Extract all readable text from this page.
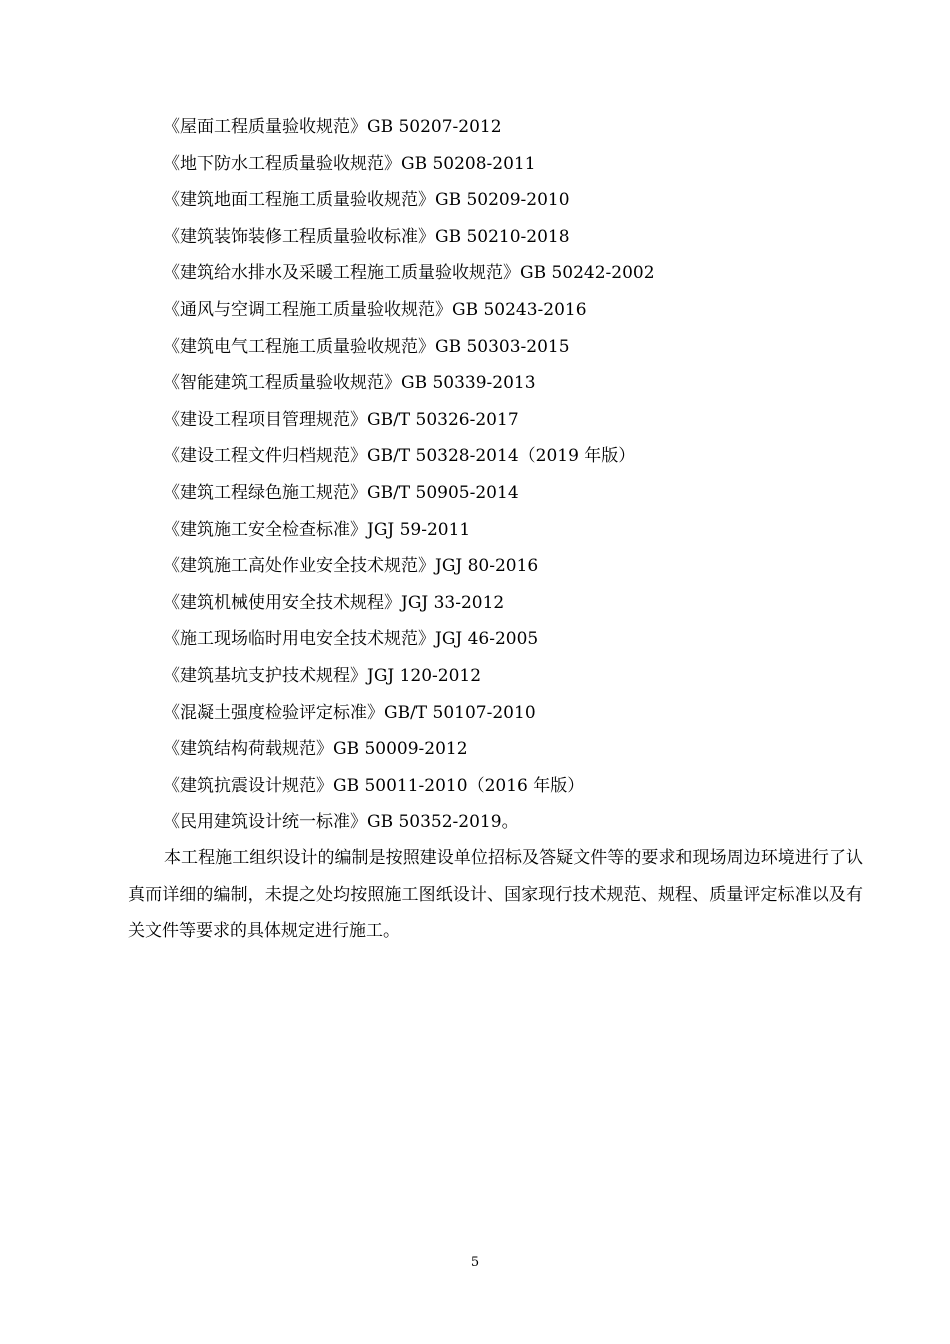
《屋面工程质量验收规范》GB 50207-2012
《地下防水工程质量验收规范》GB 50208-2011
《建筑地面工程施工质量验收规范》GB 50209-2010
《建筑装饰装修工程质量验收标准》GB 50210-2018
《建筑给水排水及采暖工程施工质量验收规范》GB 50242-2002
《通风与空调工程施工质量验收规范》GB 50243-2016
《建筑电气工程施工质量验收规范》GB 50303-2015
《智能建筑工程质量验收规范》GB 50339-2013
《建设工程项目管理规范》GB/T 50326-2017
《建设工程文件归档规范》GB/T 50328-2014（2019 年版）
《建筑工程绿色施工规范》GB/T 50905-2014
《建筑施工安全检查标准》JGJ 59-2011
《建筑施工高处作业安全技术规范》JGJ 80-2016
《建筑机械使用安全技术规程》JGJ 33-2012
《施工现场临时用电安全技术规范》JGJ 46-2005
《建筑基坑支护技术规程》JGJ 120-2012
《混凝土强度检验评定标准》GB/T 50107-2010
《建筑结构荷载规范》GB 50009-2012
《建筑抗震设计规范》GB 50011-2010（2016 年版）
《民用建筑设计统一标准》GB 50352-2019。

本工程施工组织设计的编制是按照建设单位招标及答疑文件等的要求和现场周边环境进行了认真而详细的编制，未提之处均按照施工图纸设计、国家现行技术规范、规程、质量评定标准以及有关文件等要求的具体规定进行施工。

5
